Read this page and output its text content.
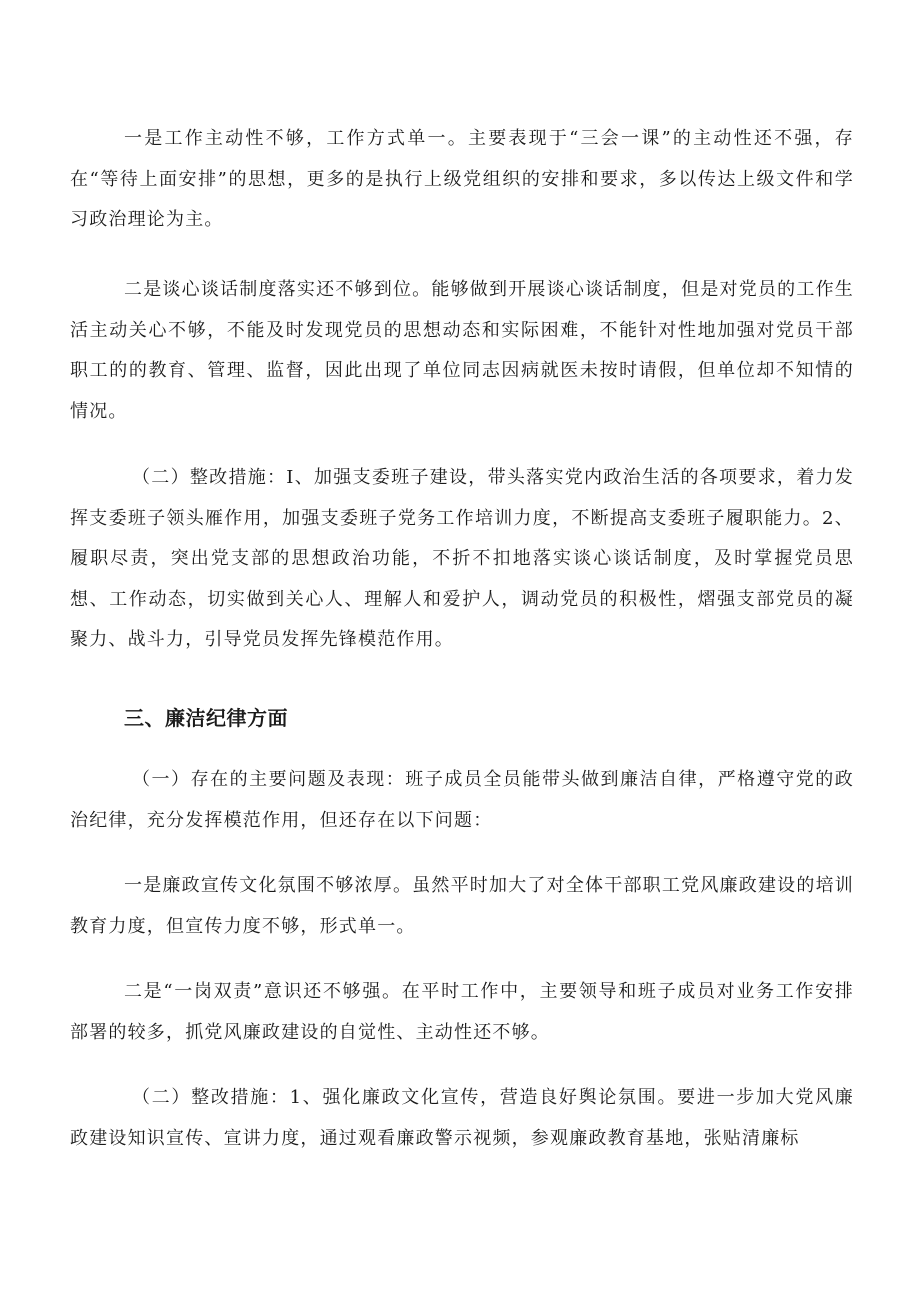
一是工作主动性不够，工作方式单一。主要表现于“三会一课”的主动性还不强，存在“等待上面安排”的思想，更多的是执行上级党组织的安排和要求，多以传达上级文件和学习政治理论为主。

二是谈心谈话制度落实还不够到位。能够做到开展谈心谈话制度，但是对党员的工作生活主动关心不够，不能及时发现党员的思想动态和实际困难，不能针对性地加强对党员干部职工的的教育、管理、监督，因此出现了单位同志因病就医未按时请假，但单位却不知情的情况。

（二）整改措施：I、加强支委班子建设，带头落实党内政治生活的各项要求，着力发挥支委班子领头雁作用，加强支委班子党务工作培训力度，不断提高支委班子履职能力。2、履职尽责，突出党支部的思想政治功能，不折不扣地落实谈心谈话制度，及时掌握党员思想、工作动态，切实做到关心人、理解人和爱护人，调动党员的积极性，熠强支部党员的凝聚力、战斗力，引导党员发挥先锋模范作用。

三、廉洁纪律方面

（一）存在的主要问题及表现：班子成员全员能带头做到廉洁自律，严格遵守党的政治纪律，充分发挥模范作用，但还存在以下问题：

一是廉政宣传文化氛围不够浓厚。虽然平时加大了对全体干部职工党风廉政建设的培训教育力度，但宣传力度不够，形式单一。

二是“一岗双责”意识还不够强。在平时工作中，主要领导和班子成员对业务工作安排部署的较多，抓党风廉政建设的自觉性、主动性还不够。

（二）整改措施：1、强化廉政文化宣传，营造良好舆论氛围。要进一步加大党风廉政建设知识宣传、宣讲力度，通过观看廉政警示视频，参观廉政教育基地，张贴清廉标
